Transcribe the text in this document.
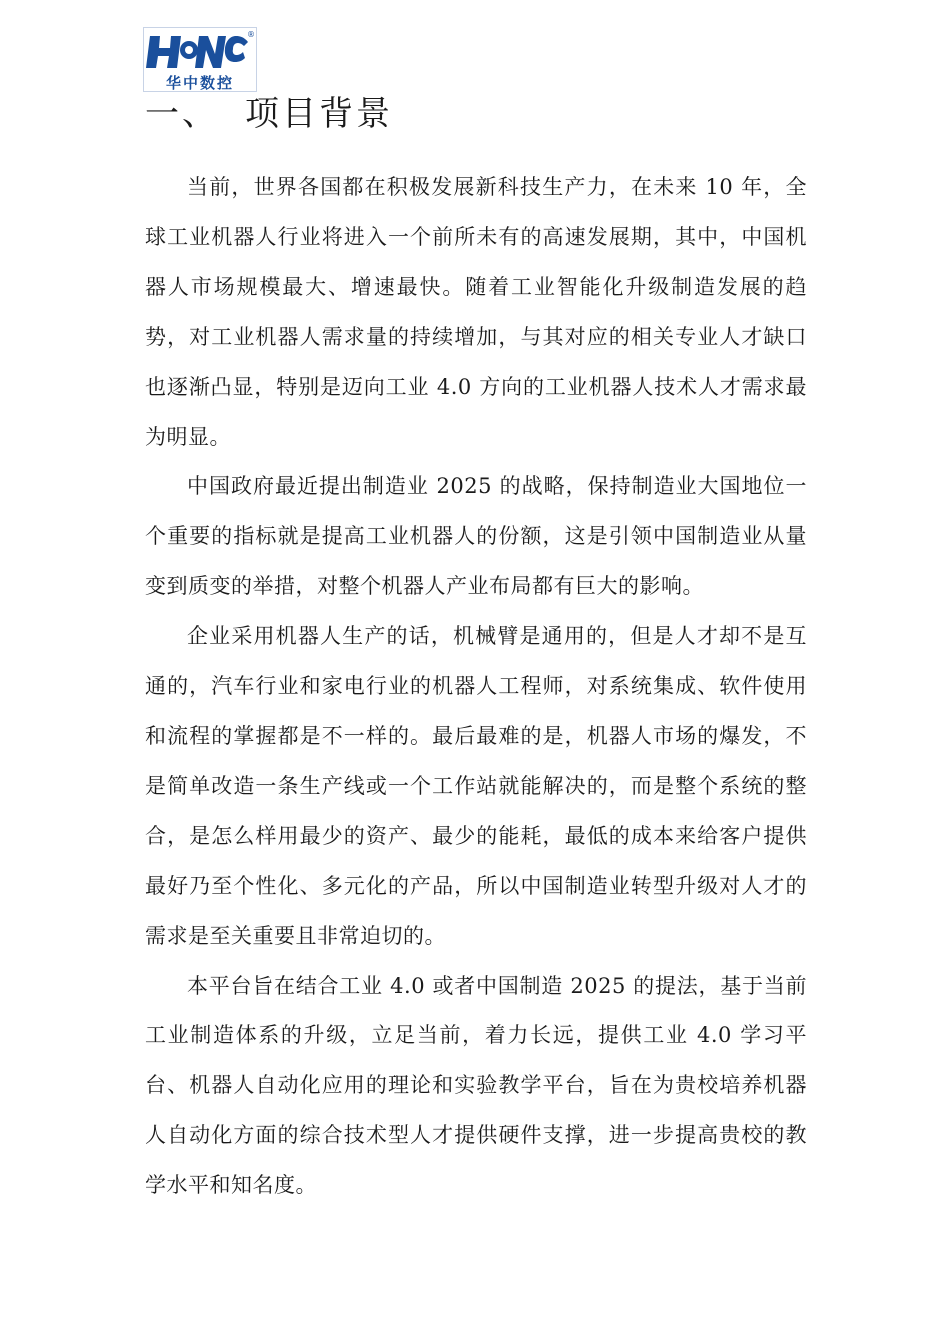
®
华中数控
一、 项目背景

当前，世界各国都在积极发展新科技生产力，在未来 10 年，全球工业机器人行业将进入一个前所未有的高速发展期，其中，中国机器人市场规模最大、增速最快。随着工业智能化升级制造发展的趋势，对工业机器人需求量的持续增加，与其对应的相关专业人才缺口也逐渐凸显，特别是迈向工业 4.0 方向的工业机器人技术人才需求最为明显。

中国政府最近提出制造业 2025 的战略，保持制造业大国地位一个重要的指标就是提高工业机器人的份额，这是引领中国制造业从量变到质变的举措，对整个机器人产业布局都有巨大的影响。

企业采用机器人生产的话，机械臂是通用的，但是人才却不是互通的，汽车行业和家电行业的机器人工程师，对系统集成、软件使用和流程的掌握都是不一样的。最后最难的是，机器人市场的爆发，不是简单改造一条生产线或一个工作站就能解决的，而是整个系统的整合，是怎么样用最少的资产、最少的能耗，最低的成本来给客户提供最好乃至个性化、多元化的产品，所以中国制造业转型升级对人才的需求是至关重要且非常迫切的。

本平台旨在结合工业 4.0 或者中国制造 2025 的提法，基于当前工业制造体系的升级，立足当前，着力长远，提供工业 4.0 学习平台、机器人自动化应用的理论和实验教学平台，旨在为贵校培养机器人自动化方面的综合技术型人才提供硬件支撑，进一步提高贵校的教学水平和知名度。
